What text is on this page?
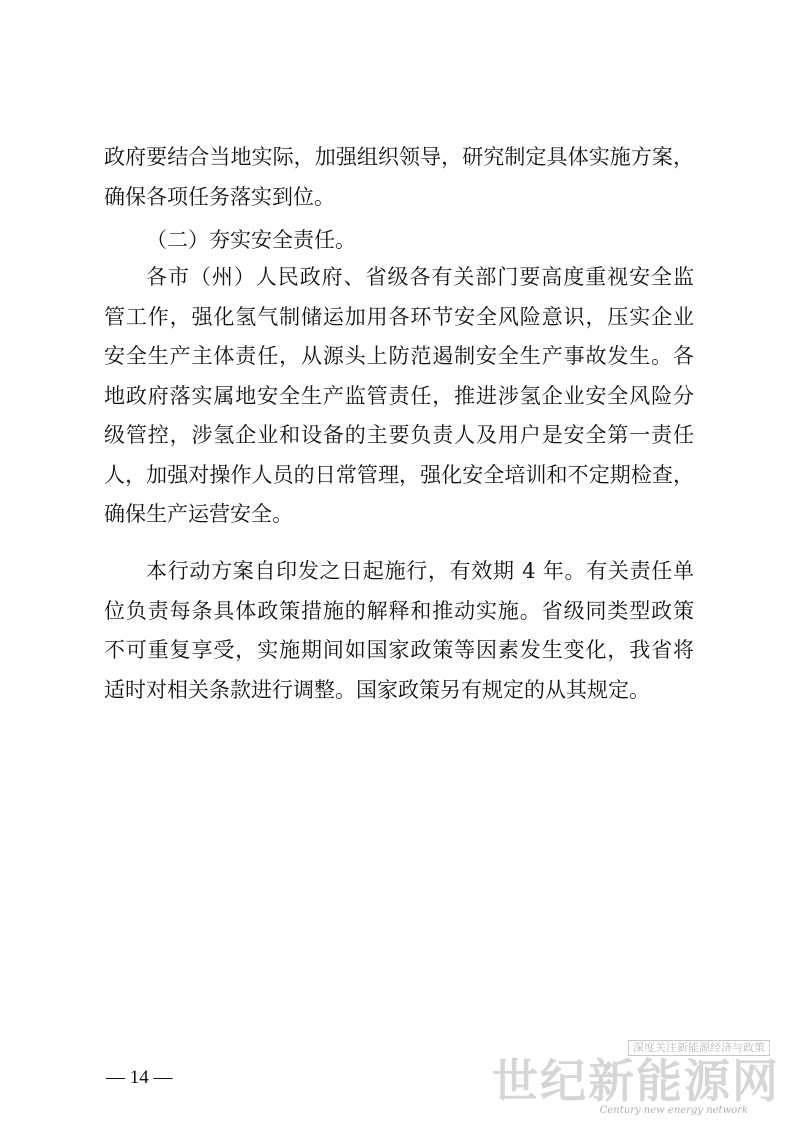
政府要结合当地实际，加强组织领导，研究制定具体实施方案，
确保各项任务落实到位。
（二）夯实安全责任。
各市（州）人民政府、省级各有关部门要高度重视安全监
管工作，强化氢气制储运加用各环节安全风险意识，压实企业
安全生产主体责任，从源头上防范遏制安全生产事故发生。各
地政府落实属地安全生产监管责任，推进涉氢企业安全风险分
级管控，涉氢企业和设备的主要负责人及用户是安全第一责任
人，加强对操作人员的日常管理，强化安全培训和不定期检查，
确保生产运营安全。
本行动方案自印发之日起施行，有效期 4 年。有关责任单
位负责每条具体政策措施的解释和推动实施。省级同类型政策
不可重复享受，实施期间如国家政策等因素发生变化，我省将
适时对相关条款进行调整。国家政策另有规定的从其规定。
— 14 —
深度关注新能源经济与政策
世纪新能源网
Century new energy network
